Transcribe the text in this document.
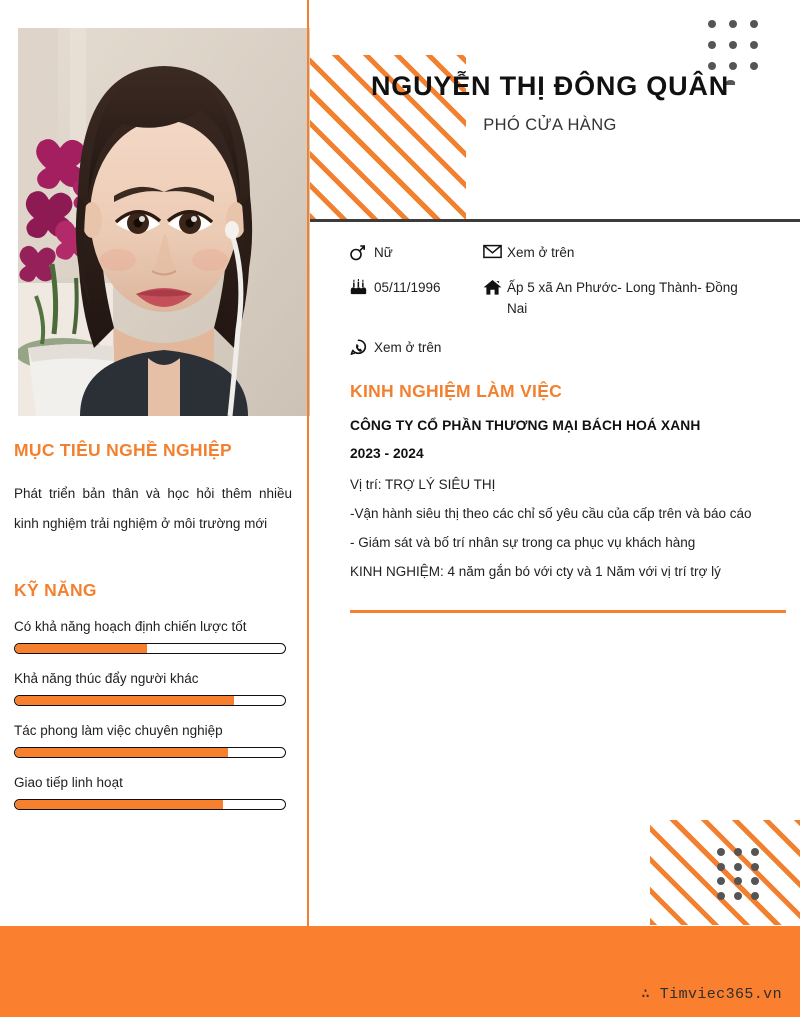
NGUYỄN THỊ ĐÔNG QUÂN

PHÓ CỬA HÀNG

MỤC TIÊU NGHỀ NGHIỆP

Phát triển bản thân và học hỏi thêm nhiều kinh nghiệm trải nghiệm ở môi trường mới

KỸ NĂNG
Có khả năng hoạch định chiến lược tốt
Khả năng thúc đẩy người khác
Tác phong làm việc chuyên nghiệp
Giao tiếp linh hoạt
Nữ
05/11/1996
Xem ở trên
Xem ở trên
Ấp 5 xã An Phước- Long Thành- Đồng Nai
KINH NGHIỆM LÀM VIỆC
CÔNG TY CỔ PHẦN THƯƠNG MẠI BÁCH HOÁ XANH
2023 - 2024

Vị trí: TRỢ LÝ SIÊU THỊ

-Vận hành siêu thị theo các chỉ số yêu cầu của cấp trên và báo cáo

- Giám sát và bố trí nhân sự trong ca phục vụ khách hàng

KINH NGHIỆM: 4 năm gắn bó với cty và 1 Năm với vị trí trợ lý

∴ Timviec365.vn
